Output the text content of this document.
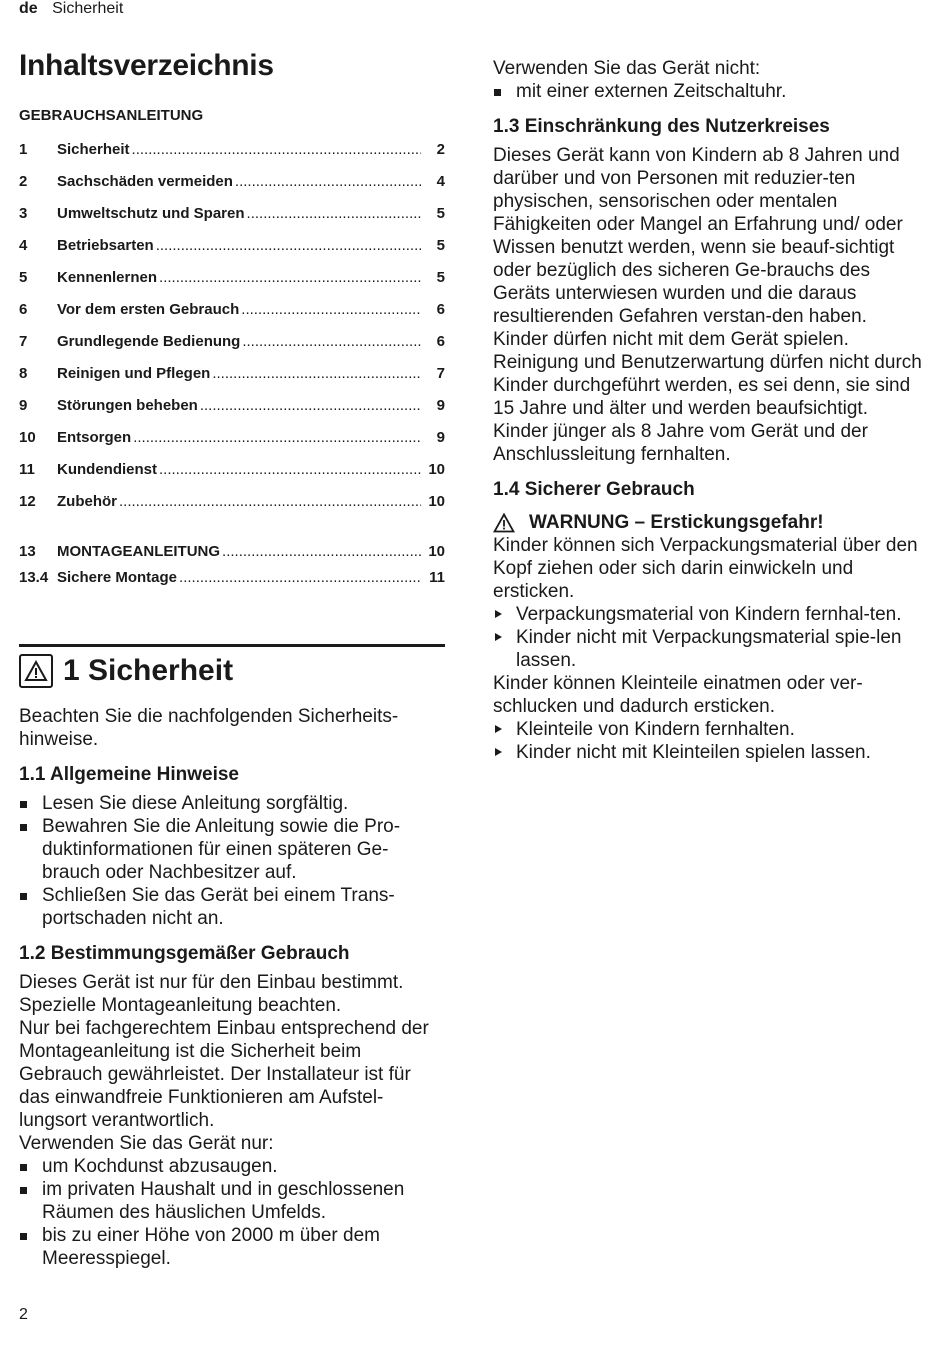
de Sicherheit
Inhaltsverzeichnis
GEBRAUCHSANLEITUNG
1	Sicherheit .....	2
2	Sachschäden vermeiden .....	4
3	Umweltschutz und Sparen .....	5
4	Betriebsarten .....	5
5	Kennenlernen .....	5
6	Vor dem ersten Gebrauch .....	6
7	Grundlegende Bedienung .....	6
8	Reinigen und Pflegen .....	7
9	Störungen beheben .....	9
10	Entsorgen .....	9
11	Kundendienst .....	10
12	Zubehör .....	10
13	MONTAGEANLEITUNG .....	10
13.4 Sichere Montage .....	11
1 Sicherheit

Beachten Sie die nachfolgenden Sicherheits-hinweise.

1.1 Allgemeine Hinweise
Lesen Sie diese Anleitung sorgfältig.
Bewahren Sie die Anleitung sowie die Pro-duktinformationen für einen späteren Ge-brauch oder Nachbesitzer auf.
Schließen Sie das Gerät bei einem Trans-portschaden nicht an.
1.2 Bestimmungsgemäßer Gebrauch

Dieses Gerät ist nur für den Einbau bestimmt. Spezielle Montageanleitung beachten.

Nur bei fachgerechtem Einbau entsprechend der Montageanleitung ist die Sicherheit beim Gebrauch gewährleistet. Der Installateur ist für das einwandfreie Funktionieren am Aufstel-lungsort verantwortlich.

Verwenden Sie das Gerät nur:

um Kochdunst abzusaugen.
im privaten Haushalt und in geschlossenen Räumen des häuslichen Umfelds.
bis zu einer Höhe von 2000 m über dem Meeresspiegel.

Verwenden Sie das Gerät nicht:

mit einer externen Zeitschaltuhr.
1.3 Einschränkung des Nutzerkreises

Dieses Gerät kann von Kindern ab 8 Jahren und darüber und von Personen mit reduzier-ten physischen, sensorischen oder mentalen Fähigkeiten oder Mangel an Erfahrung und/ oder Wissen benutzt werden, wenn sie beauf-sichtigt oder bezüglich des sicheren Ge-brauchs des Geräts unterwiesen wurden und die daraus resultierenden Gefahren verstan-den haben.

Kinder dürfen nicht mit dem Gerät spielen.

Reinigung und Benutzerwartung dürfen nicht durch Kinder durchgeführt werden, es sei denn, sie sind 15 Jahre und älter und werden beaufsichtigt.

Kinder jünger als 8 Jahre vom Gerät und der Anschlussleitung fernhalten.

1.4 Sicherer Gebrauch
WARNUNG – Erstickungsgefahr!

Kinder können sich Verpackungsmaterial über den Kopf ziehen oder sich darin einwickeln und ersticken.

Verpackungsmaterial von Kindern fernhal-ten.
Kinder nicht mit Verpackungsmaterial spie-len lassen.

Kinder können Kleinteile einatmen oder ver-schlucken und dadurch ersticken.

Kleinteile von Kindern fernhalten.
Kinder nicht mit Kleinteilen spielen lassen.
2
